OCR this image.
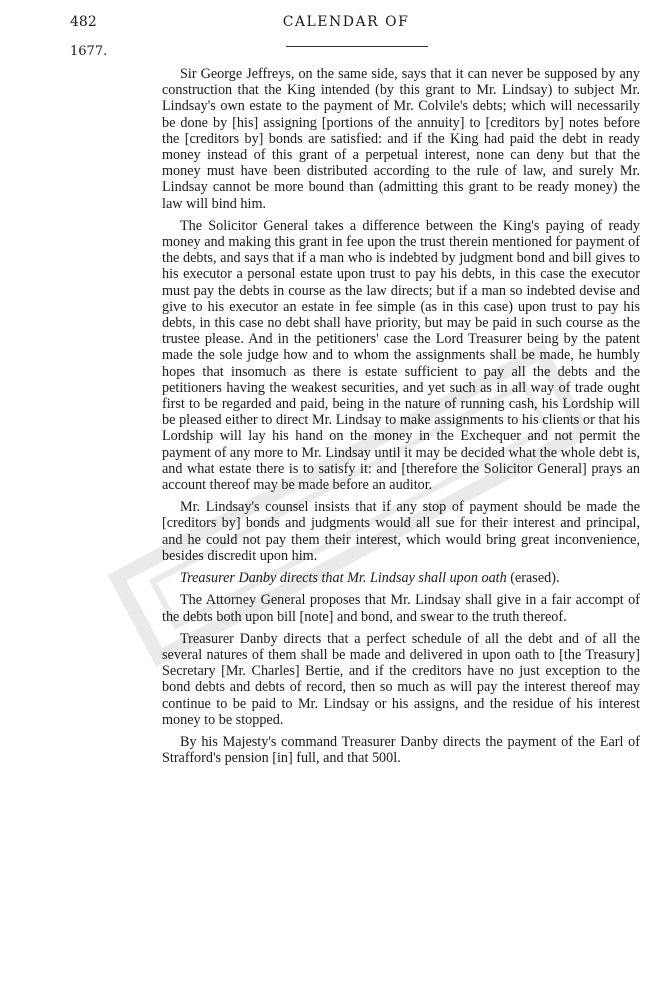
482	CALENDAR OF
1677.

Sir George Jeffreys, on the same side, says that it can never be supposed by any construction that the King intended (by this grant to Mr. Lindsay) to subject Mr. Lindsay's own estate to the payment of Mr. Colvile's debts; which will necessarily be done by [his] assigning [portions of the annuity] to [creditors by] notes before the [creditors by] bonds are satisfied: and if the King had paid the debt in ready money instead of this grant of a perpetual interest, none can deny but that the money must have been distributed according to the rule of law, and surely Mr. Lindsay cannot be more bound than (admitting this grant to be ready money) the law will bind him.

The Solicitor General takes a difference between the King's paying of ready money and making this grant in fee upon the trust therein mentioned for payment of the debts, and says that if a man who is indebted by judgment bond and bill gives to his executor a personal estate upon trust to pay his debts, in this case the executor must pay the debts in course as the law directs; but if a man so indebted devise and give to his executor an estate in fee simple (as in this case) upon trust to pay his debts, in this case no debt shall have priority, but may be paid in such course as the trustee please. And in the petitioners' case the Lord Treasurer being by the patent made the sole judge how and to whom the assignments shall be made, he humbly hopes that insomuch as there is estate sufficient to pay all the debts and the petitioners having the weakest securities, and yet such as in all way of trade ought first to be regarded and paid, being in the nature of running cash, his Lordship will be pleased either to direct Mr. Lindsay to make assignments to his clients or that his Lordship will lay his hand on the money in the Exchequer and not permit the payment of any more to Mr. Lindsay until it may be decided what the whole debt is, and what estate there is to satisfy it: and [therefore the Solicitor General] prays an account thereof may be made before an auditor.

Mr. Lindsay's counsel insists that if any stop of payment should be made the [creditors by] bonds and judgments would all sue for their interest and principal, and he could not pay them their interest, which would bring great inconvenience, besides discredit upon him.

Treasurer Danby directs that Mr. Lindsay shall upon oath (erased).

The Attorney General proposes that Mr. Lindsay shall give in a fair accompt of the debts both upon bill [note] and bond, and swear to the truth thereof.

Treasurer Danby directs that a perfect schedule of all the debt and of all the several natures of them shall be made and delivered in upon oath to [the Treasury] Secretary [Mr. Charles] Bertie, and if the creditors have no just exception to the bond debts and debts of record, then so much as will pay the interest thereof may continue to be paid to Mr. Lindsay or his assigns, and the residue of his interest money to be stopped.

By his Majesty's command Treasurer Danby directs the payment of the Earl of Strafford's pension [in] full, and that 500l.
